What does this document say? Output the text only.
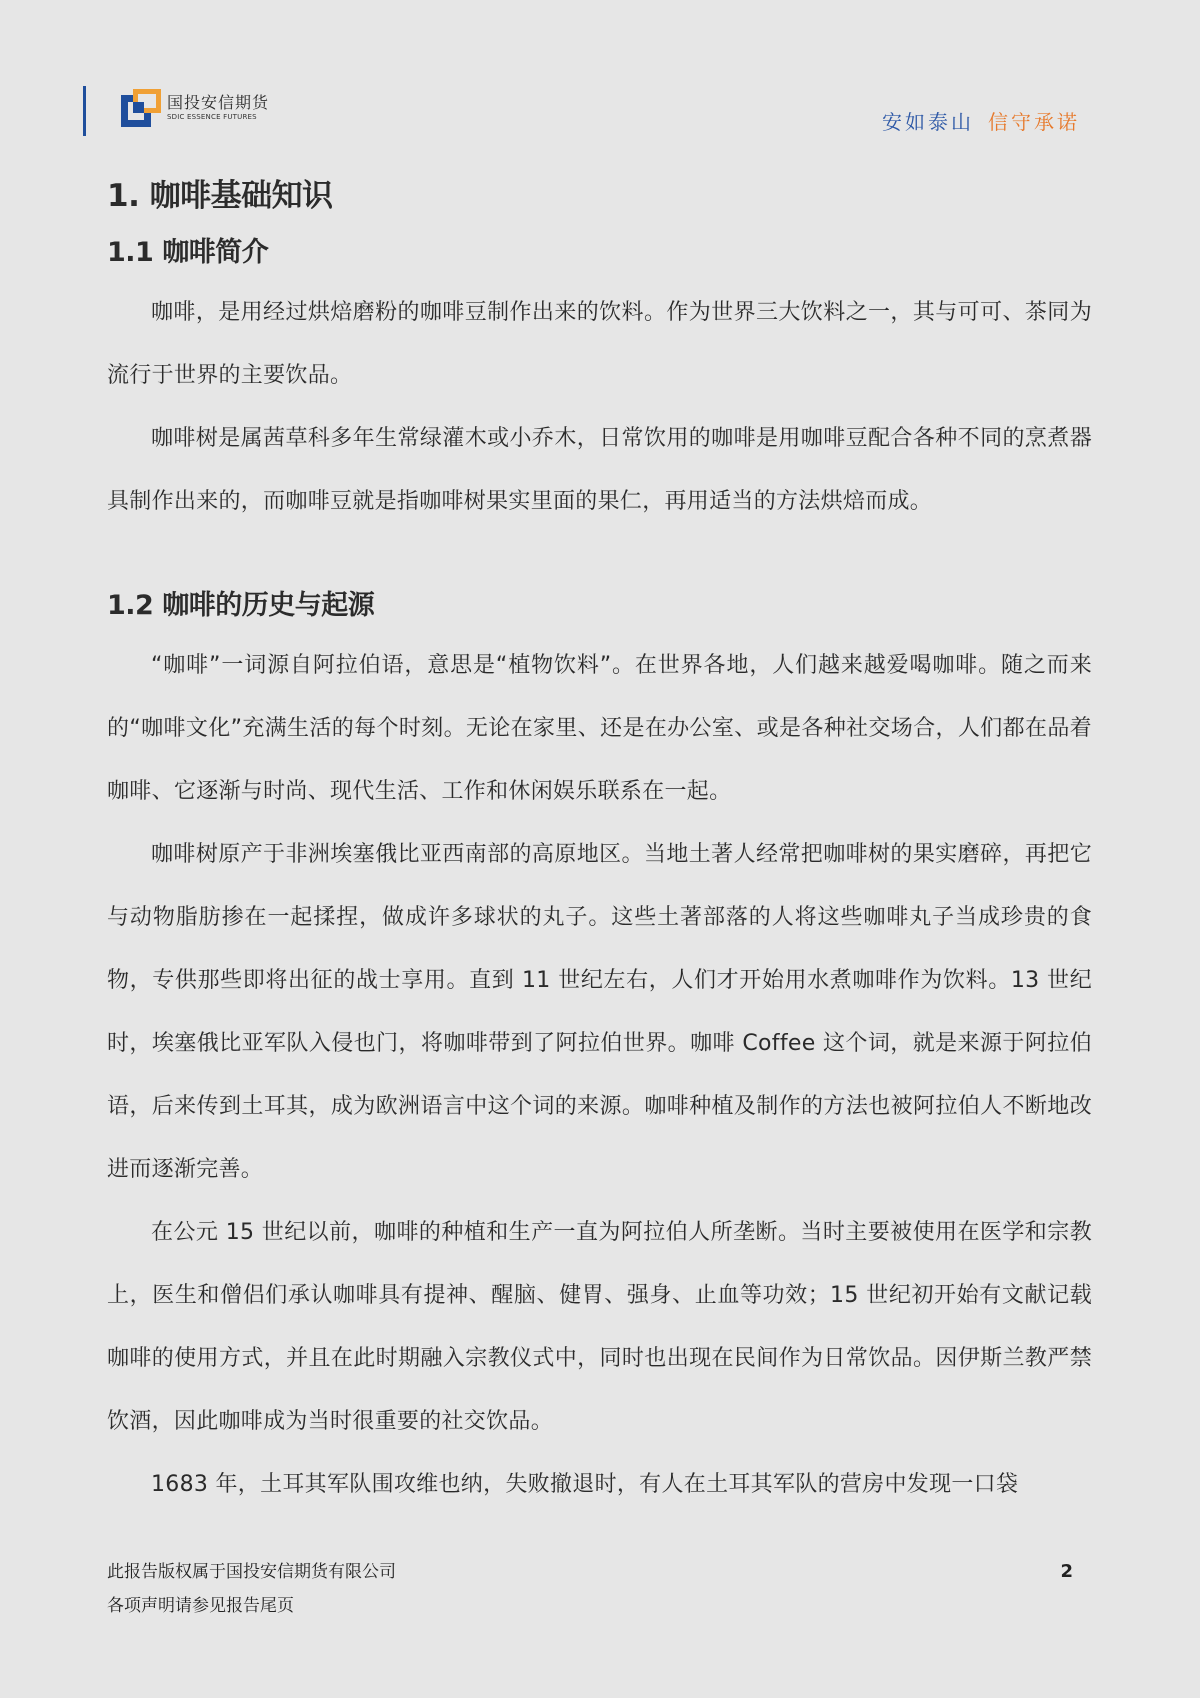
国投安信期货
SDIC ESSENCE FUTURES	安如泰山 信守承诺
1. 咖啡基础知识
1.1 咖啡简介

咖啡，是用经过烘焙磨粉的咖啡豆制作出来的饮料。作为世界三大饮料之一，其与可可、茶同为流行于世界的主要饮品。

咖啡树是属茜草科多年生常绿灌木或小乔木，日常饮用的咖啡是用咖啡豆配合各种不同的烹煮器具制作出来的，而咖啡豆就是指咖啡树果实里面的果仁，再用适当的方法烘焙而成。

1.2 咖啡的历史与起源

“咖啡”一词源自阿拉伯语，意思是“植物饮料”。在世界各地，人们越来越爱喝咖啡。随之而来的“咖啡文化”充满生活的每个时刻。无论在家里、还是在办公室、或是各种社交场合，人们都在品着咖啡、它逐渐与时尚、现代生活、工作和休闲娱乐联系在一起。

咖啡树原产于非洲埃塞俄比亚西南部的高原地区。当地土著人经常把咖啡树的果实磨碎，再把它与动物脂肪掺在一起揉捏，做成许多球状的丸子。这些土著部落的人将这些咖啡丸子当成珍贵的食物，专供那些即将出征的战士享用。直到 11 世纪左右，人们才开始用水煮咖啡作为饮料。13 世纪时，埃塞俄比亚军队入侵也门，将咖啡带到了阿拉伯世界。咖啡 Coffee 这个词，就是来源于阿拉伯语，后来传到土耳其，成为欧洲语言中这个词的来源。咖啡种植及制作的方法也被阿拉伯人不断地改进而逐渐完善。

在公元 15 世纪以前，咖啡的种植和生产一直为阿拉伯人所垄断。当时主要被使用在医学和宗教上，医生和僧侣们承认咖啡具有提神、醒脑、健胃、强身、止血等功效；15 世纪初开始有文献记载咖啡的使用方式，并且在此时期融入宗教仪式中，同时也出现在民间作为日常饮品。因伊斯兰教严禁饮酒，因此咖啡成为当时很重要的社交饮品。

1683 年，土耳其军队围攻维也纳，失败撤退时，有人在土耳其军队的营房中发现一口袋

此报告版权属于国投安信期货有限公司
各项声明请参见报告尾页
2
